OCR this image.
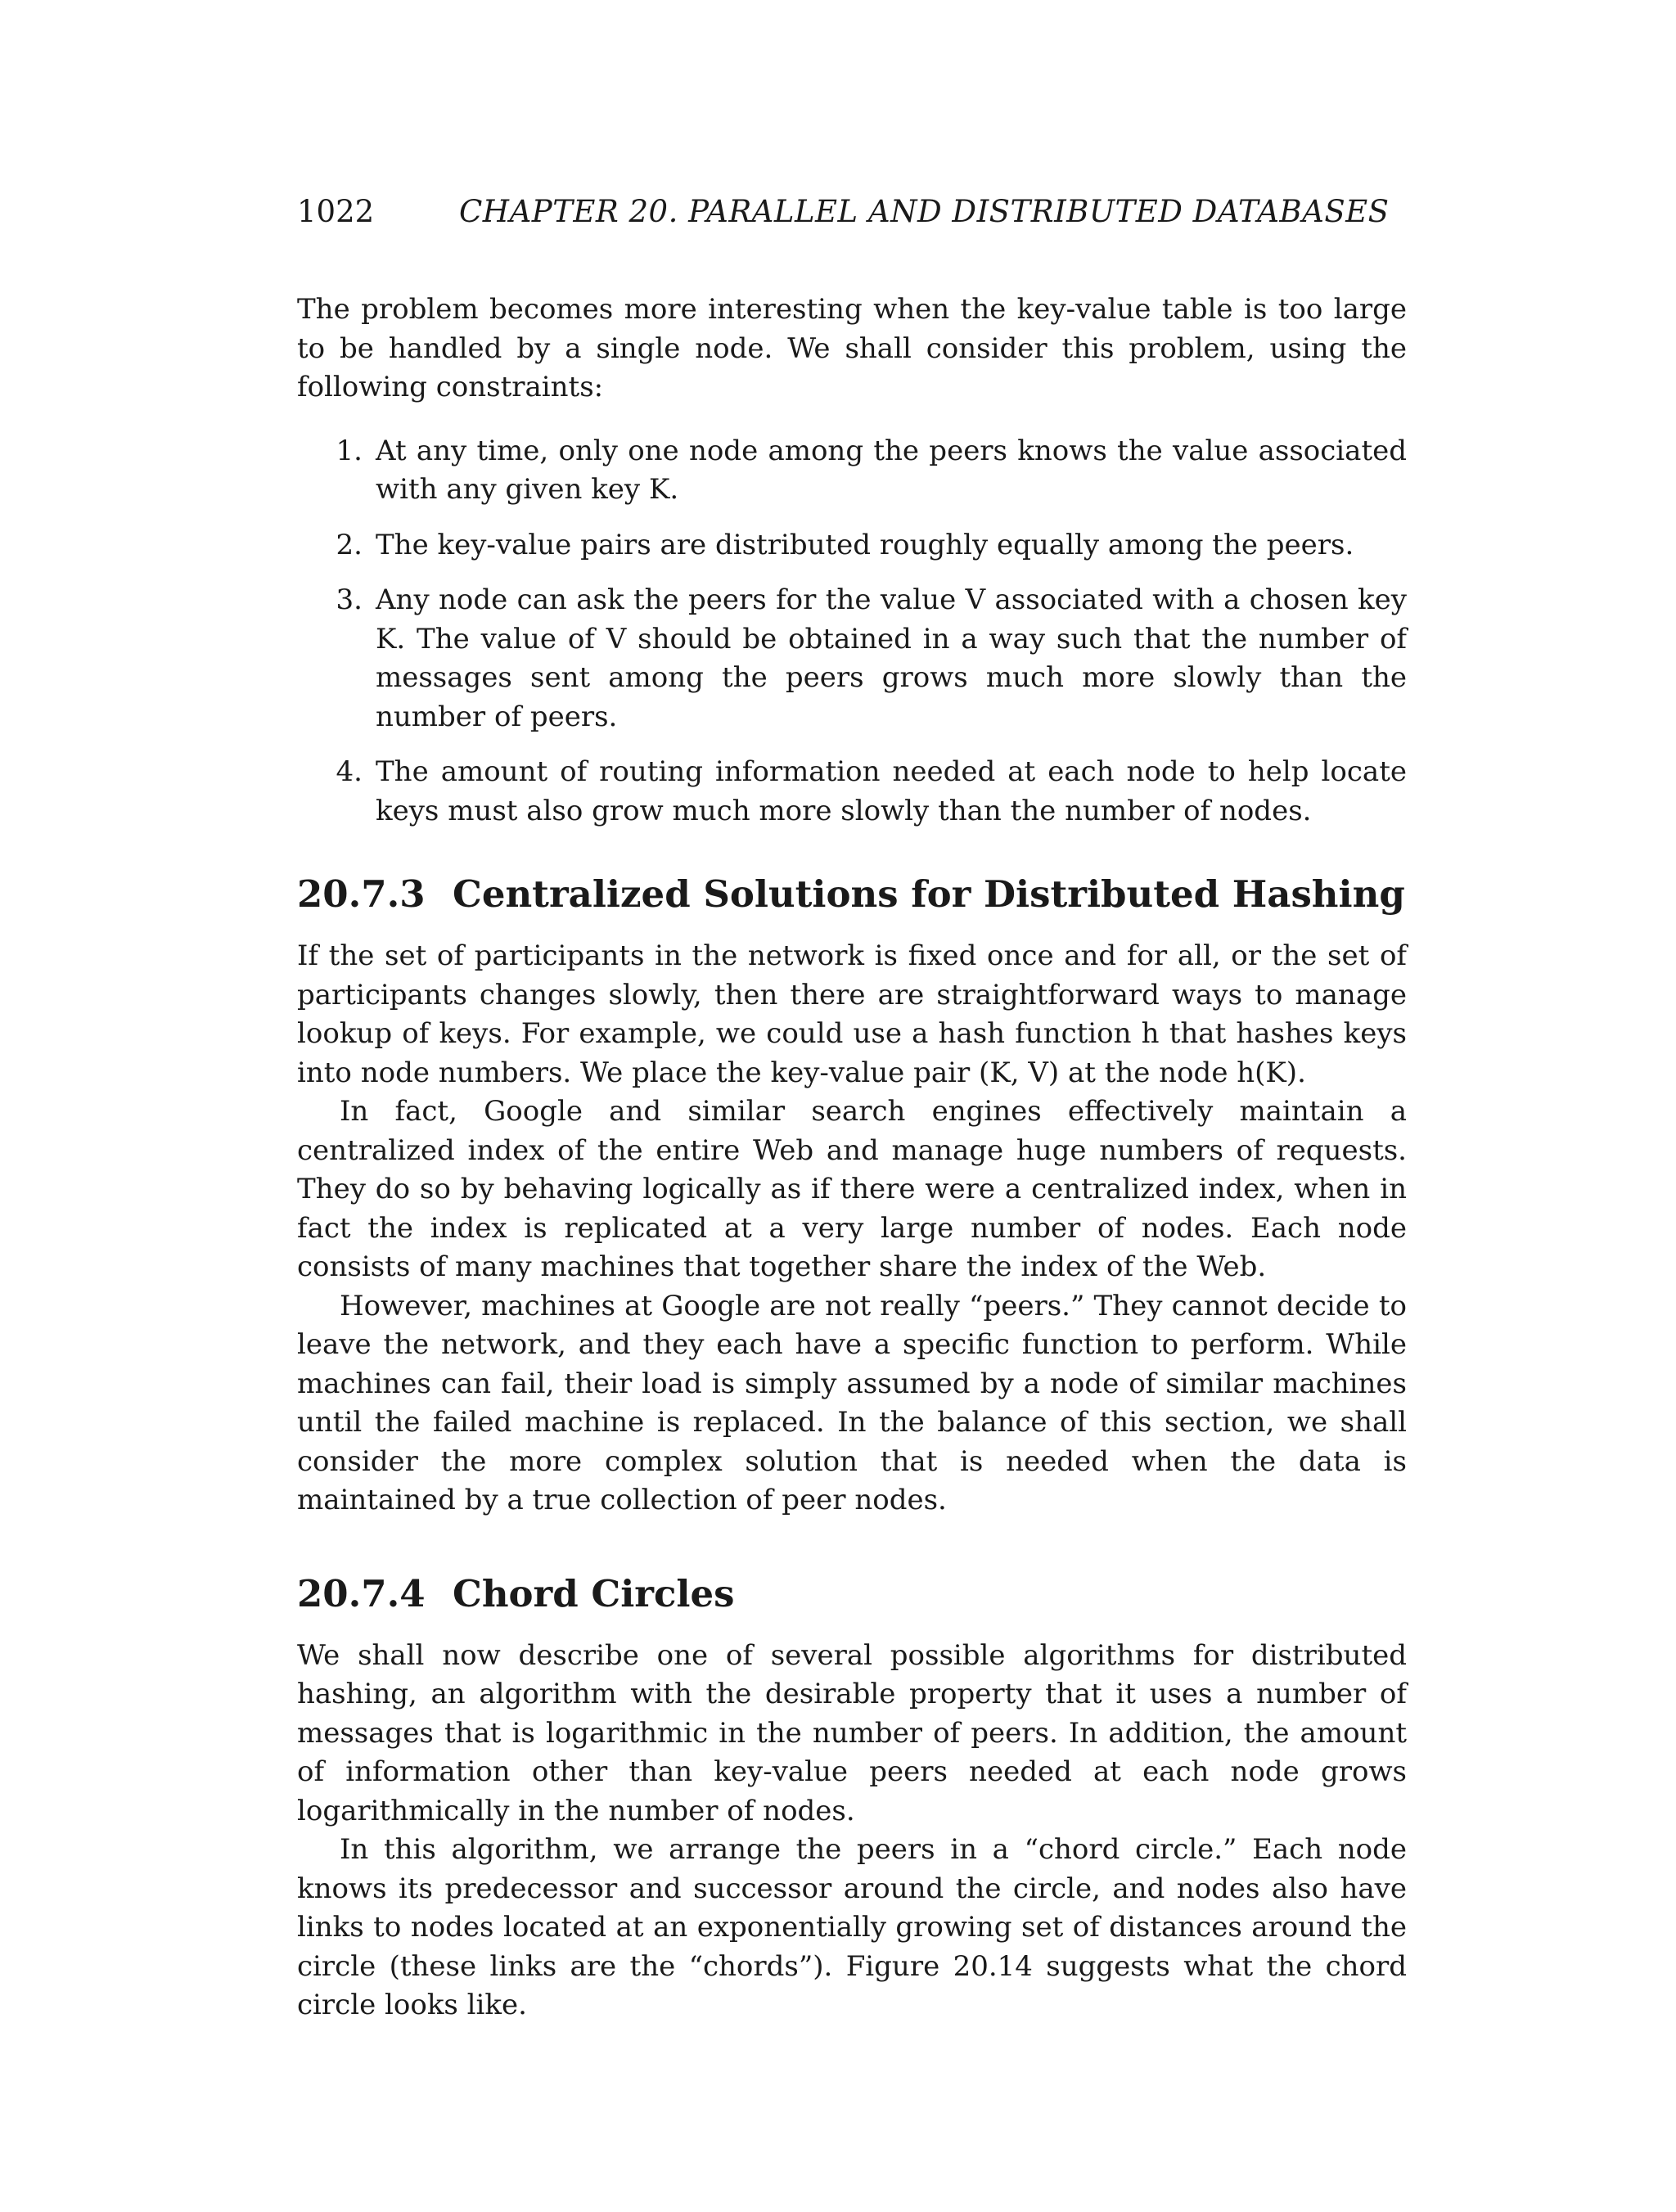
1022	CHAPTER 20. PARALLEL AND DISTRIBUTED DATABASES

The problem becomes more interesting when the key-value table is too large to be handled by a single node. We shall consider this problem, using the following constraints:

1. At any time, only one node among the peers knows the value associated with any given key K.
2. The key-value pairs are distributed roughly equally among the peers.
3. Any node can ask the peers for the value V associated with a chosen key K. The value of V should be obtained in a way such that the number of messages sent among the peers grows much more slowly than the number of peers.
4. The amount of routing information needed at each node to help locate keys must also grow much more slowly than the number of nodes.
20.7.3 Centralized Solutions for Distributed Hashing

If the set of participants in the network is fixed once and for all, or the set of participants changes slowly, then there are straightforward ways to manage lookup of keys. For example, we could use a hash function h that hashes keys into node numbers. We place the key-value pair (K, V) at the node h(K).

In fact, Google and similar search engines effectively maintain a centralized index of the entire Web and manage huge numbers of requests. They do so by behaving logically as if there were a centralized index, when in fact the index is replicated at a very large number of nodes. Each node consists of many machines that together share the index of the Web.

However, machines at Google are not really “peers.” They cannot decide to leave the network, and they each have a specific function to perform. While machines can fail, their load is simply assumed by a node of similar machines until the failed machine is replaced. In the balance of this section, we shall consider the more complex solution that is needed when the data is maintained by a true collection of peer nodes.

20.7.4 Chord Circles

We shall now describe one of several possible algorithms for distributed hashing, an algorithm with the desirable property that it uses a number of messages that is logarithmic in the number of peers. In addition, the amount of information other than key-value peers needed at each node grows logarithmically in the number of nodes.

In this algorithm, we arrange the peers in a “chord circle.” Each node knows its predecessor and successor around the circle, and nodes also have links to nodes located at an exponentially growing set of distances around the circle (these links are the “chords”). Figure 20.14 suggests what the chord circle looks like.
